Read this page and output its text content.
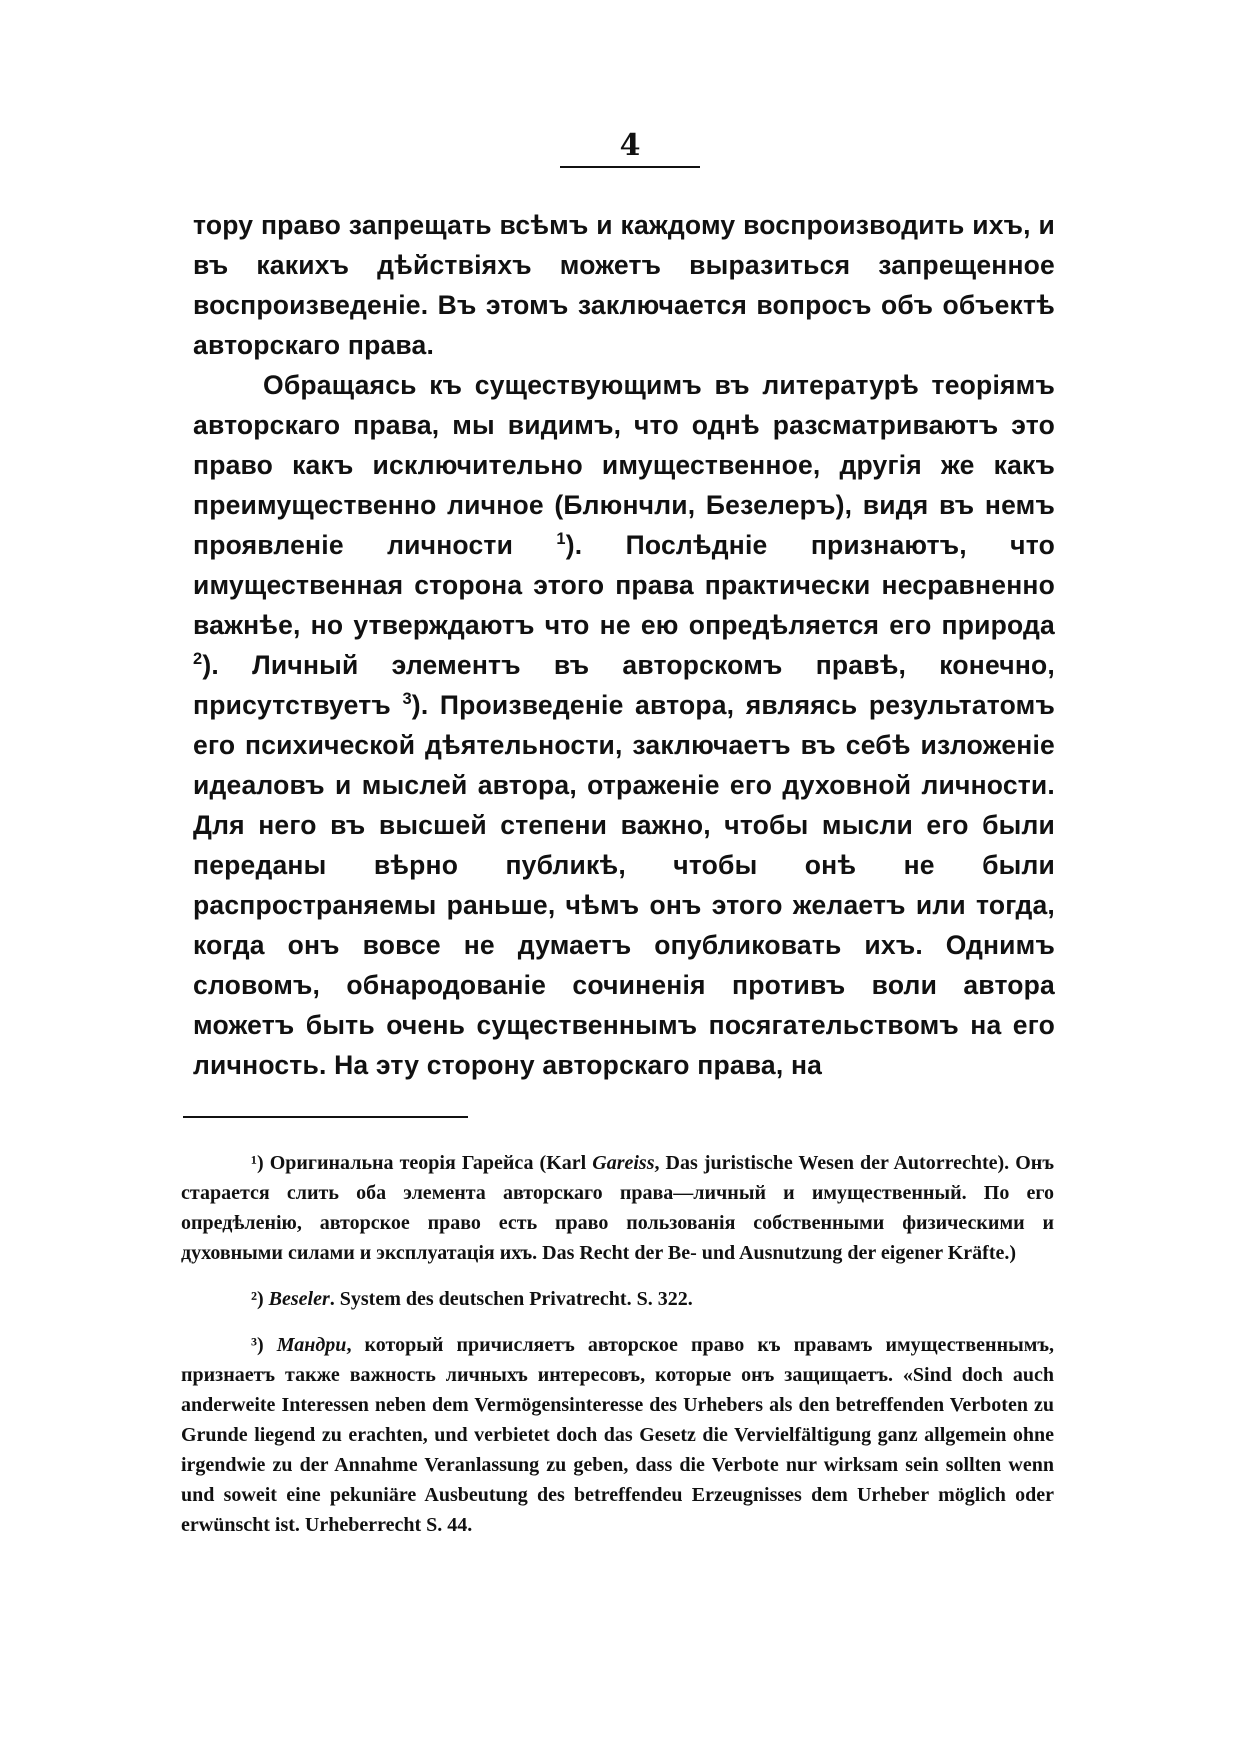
4

тору право запрещать всѣмъ и каждому воспроизводить ихъ, и въ какихъ дѣйствіяхъ можетъ выразиться запрещенное воспроизведеніе. Въ этомъ заключается вопросъ объ объектѣ авторскаго права.

Обращаясь къ существующимъ въ литературѣ теоріямъ авторскаго права, мы видимъ, что однѣ разсматриваютъ это право какъ исключительно имущественное, другія же какъ преимущественно личное (Блюнчли, Безелеръ), видя въ немъ проявленіе личности $^1$). Послѣдніе признаютъ, что имущественная сторона этого права практически несравненно важнѣе, но утверждаютъ что не ею опредѣляется его природа $^2$). Личный элементъ въ авторскомъ правѣ, конечно, присутствуетъ $^3$). Произведеніе автора, являясь результатомъ его психической дѣятельности, заключаетъ въ себѣ изложеніе идеаловъ и мыслей автора, отраженіе его духовной личности. Для него въ высшей степени важно, чтобы мысли его были переданы вѣрно публикѣ, чтобы онѣ не были распространяемы раньше, чѣмъ онъ этого желаетъ или тогда, когда онъ вовсе не думаетъ опубликовать ихъ. Однимъ словомъ, обнародованіе сочиненія противъ воли автора можетъ быть очень существеннымъ посягательствомъ на его личность. На эту сторону авторскаго права, на

¹) Оригинальна теорія Гарейса (Karl Gareiss, Das juristische Wesen der Autorrechte). Онъ старается слить оба элемента авторскаго права—личный и имущественный. По его опредѣленію, авторское право есть право пользованія собственными физическими и духовными силами и эксплуатація ихъ. Das Recht der Be- und Ausnutzung der eigener Kräfte.)

²) Beseler. System des deutschen Privatrecht. S. 322.

³) Мандри, который причисляетъ авторское право къ правамъ имущественнымъ, признаетъ также важность личныхъ интересовъ, которые онъ защищаетъ. «Sind doch auch anderweite Interessen neben dem Vermögensinteresse des Urhebers als den betreffenden Verboten zu Grunde liegend zu erachten, und verbietet doch das Gesetz die Vervielfältigung ganz allgemein ohne irgendwie zu der Annahme Veranlassung zu geben, dass die Verbote nur wirksam sein sollten wenn und soweit eine pekuniäre Ausbeutung des betreffendeu Erzeugnisses dem Urheber möglich oder erwünscht ist. Urheberrecht S. 44.
